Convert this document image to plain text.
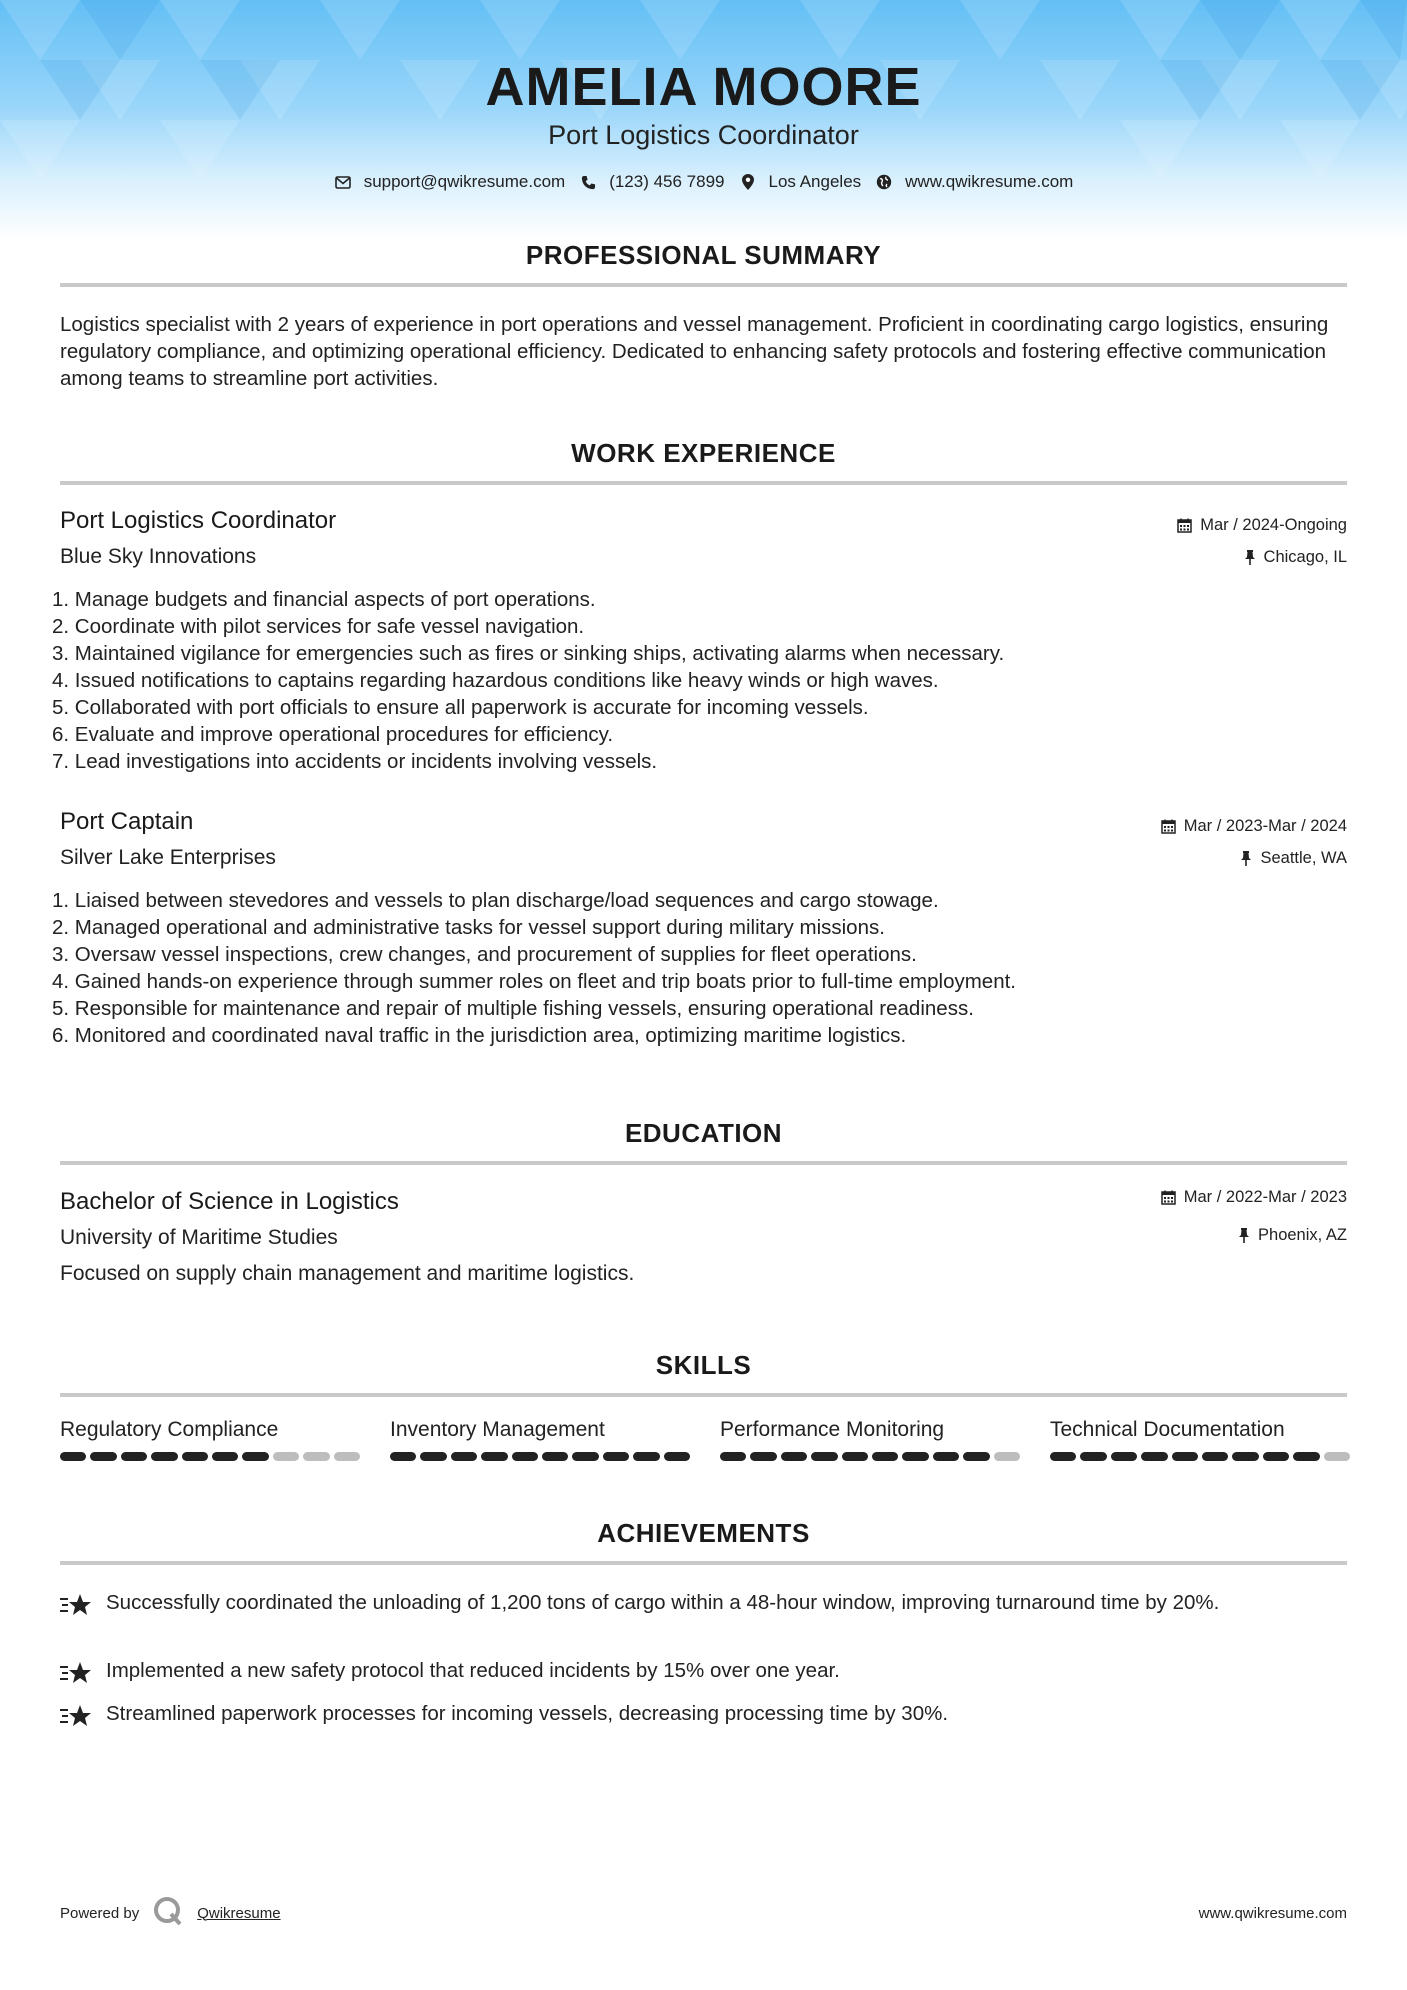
AMELIA MOORE
Port Logistics Coordinator
support@qwikresume.com	(123) 456 7899	Los Angeles	www.qwikresume.com
PROFESSIONAL SUMMARY
Logistics specialist with 2 years of experience in port operations and vessel management. Proficient in coordinating cargo logistics, ensuring regulatory compliance, and optimizing operational efficiency. Dedicated to enhancing safety protocols and fostering effective communication among teams to streamline port activities.
WORK EXPERIENCE
Port Logistics Coordinator	Mar / 2024-Ongoing
Blue Sky Innovations	Chicago, IL
1. Manage budgets and financial aspects of port operations.
2. Coordinate with pilot services for safe vessel navigation.
3. Maintained vigilance for emergencies such as fires or sinking ships, activating alarms when necessary.
4. Issued notifications to captains regarding hazardous conditions like heavy winds or high waves.
5. Collaborated with port officials to ensure all paperwork is accurate for incoming vessels.
6. Evaluate and improve operational procedures for efficiency.
7. Lead investigations into accidents or incidents involving vessels.
Port Captain	Mar / 2023-Mar / 2024
Silver Lake Enterprises	Seattle, WA
1. Liaised between stevedores and vessels to plan discharge/load sequences and cargo stowage.
2. Managed operational and administrative tasks for vessel support during military missions.
3. Oversaw vessel inspections, crew changes, and procurement of supplies for fleet operations.
4. Gained hands-on experience through summer roles on fleet and trip boats prior to full-time employment.
5. Responsible for maintenance and repair of multiple fishing vessels, ensuring operational readiness.
6. Monitored and coordinated naval traffic in the jurisdiction area, optimizing maritime logistics.
EDUCATION
Bachelor of Science in Logistics	Mar / 2022-Mar / 2023
University of Maritime Studies	Phoenix, AZ
Focused on supply chain management and maritime logistics.
SKILLS
Regulatory Compliance	Inventory Management	Performance Monitoring	Technical Documentation
ACHIEVEMENTS
Successfully coordinated the unloading of 1,200 tons of cargo within a 48-hour window, improving turnaround time by 20%.
Implemented a new safety protocol that reduced incidents by 15% over one year.
Streamlined paperwork processes for incoming vessels, decreasing processing time by 30%.
Powered by	Qwikresume	www.qwikresume.com
